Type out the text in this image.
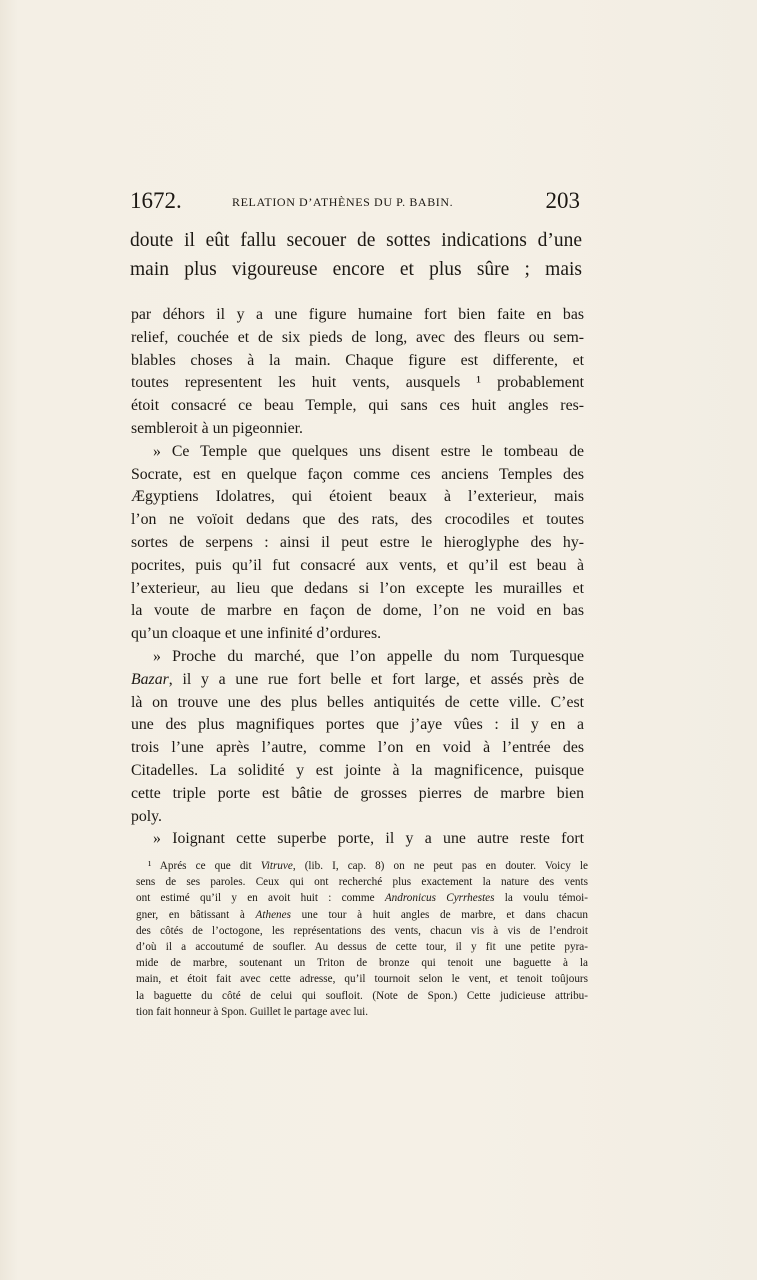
1672.	RELATION D’ATHÈNES DU P. BABIN.	203
doute il eût fallu secouer de sottes indications d’une
main plus vigoureuse encore et plus sûre ; mais
par déhors il y a une figure humaine fort bien faite en bas
relief, couchée et de six pieds de long, avec des fleurs ou sem-
blables choses à la main. Chaque figure est differente, et
toutes representent les huit vents, ausquels ¹ probablement
étoit consacré ce beau Temple, qui sans ces huit angles res-
sembleroit à un pigeonnier.
» Ce Temple que quelques uns disent estre le tombeau de
Socrate, est en quelque façon comme ces anciens Temples des
Ægyptiens Idolatres, qui étoient beaux à l’exterieur, mais
l’on ne voïoit dedans que des rats, des crocodiles et toutes
sortes de serpens : ainsi il peut estre le hieroglyphe des hy-
pocrites, puis qu’il fut consacré aux vents, et qu’il est beau à
l’exterieur, au lieu que dedans si l’on excepte les murailles et
la voute de marbre en façon de dome, l’on ne void en bas
qu’un cloaque et une infinité d’ordures.
» Proche du marché, que l’on appelle du nom Turquesque
Bazar, il y a une rue fort belle et fort large, et assés près de
là on trouve une des plus belles antiquités de cette ville. C’est
une des plus magnifiques portes que j’aye vûes : il y en a
trois l’une après l’autre, comme l’on en void à l’entrée des
Citadelles. La solidité y est jointe à la magnificence, puisque
cette triple porte est bâtie de grosses pierres de marbre bien
poly.
» Ioignant cette superbe porte, il y a une autre reste fort
¹ Aprés ce que dit Vitruve, (lib. I, cap. 8) on ne peut pas en douter. Voicy le
sens de ses paroles. Ceux qui ont recherché plus exactement la nature des vents
ont estimé qu’il y en avoit huit : comme Andronicus Cyrrhestes la voulu témoi-
gner, en bâtissant à Athenes une tour à huit angles de marbre, et dans chacun
des côtés de l’octogone, les représentations des vents, chacun vis à vis de l’endroit
d’où il a accoutumé de soufler. Au dessus de cette tour, il y fit une petite pyra-
mide de marbre, soutenant un Triton de bronze qui tenoit une baguette à la
main, et étoit fait avec cette adresse, qu’il tournoit selon le vent, et tenoit toûjours
la baguette du côté de celui qui soufloit. (Note de Spon.) Cette judicieuse attribu-
tion fait honneur à Spon. Guillet le partage avec lui.
